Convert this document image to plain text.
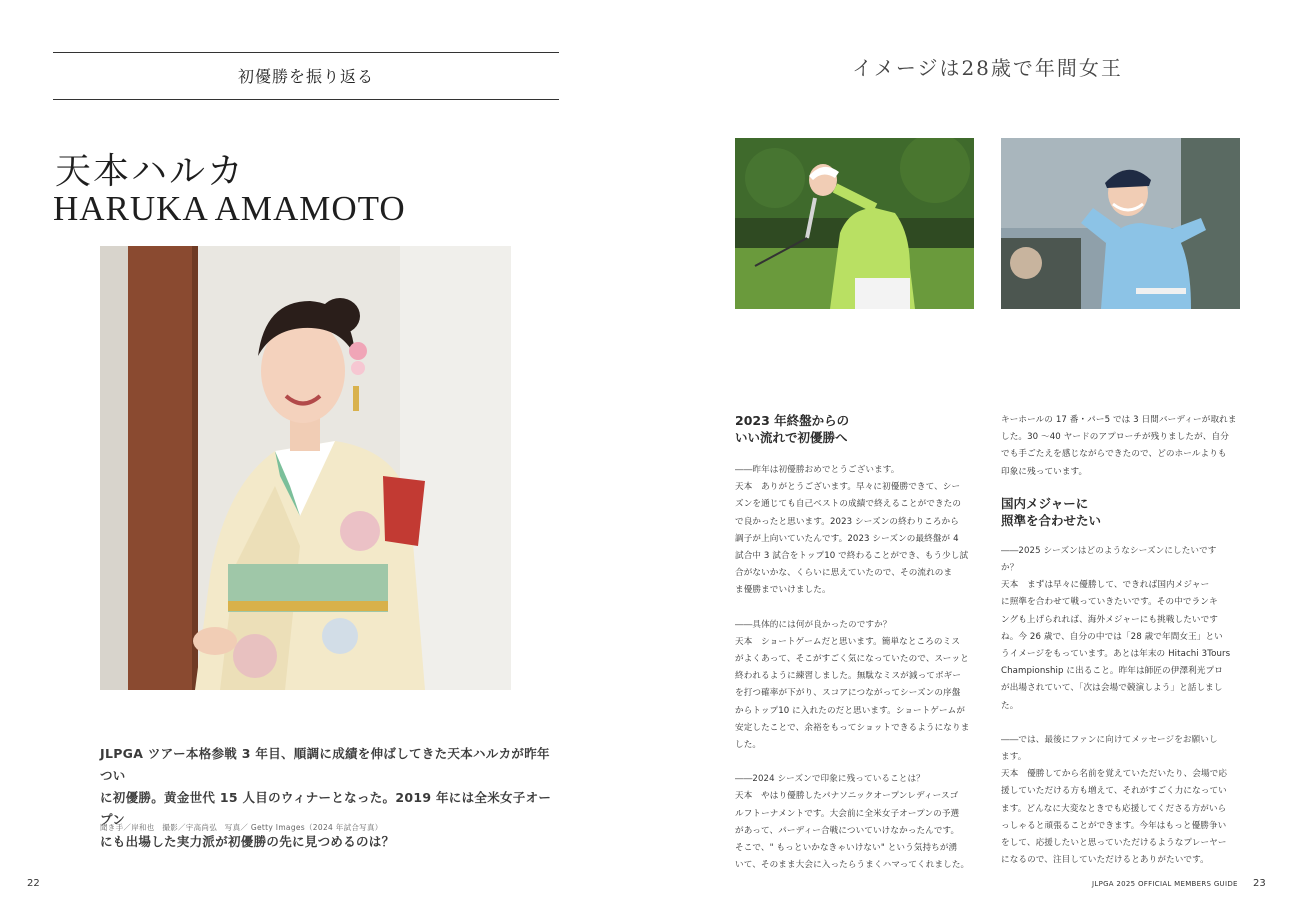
初優勝を振り返る
天本ハルカ
HARUKA AMAMOTO
JLPGA ツアー本格参戦 3 年目、順調に成績を伸ばしてきた天本ハルカが昨年つい
に初優勝。黄金世代 15 人目のウィナーとなった。2019 年には全米女子オープン
にも出場した実力派が初優勝の先に見つめるのは？
聞き手／岸和也　撮影／宇高尚弘　写真／ Getty Images（2024 年試合写真）
22
イメージは28歳で年間女王
2023 年終盤からの
いい流れで初優勝へ
――昨年は初優勝おめでとうございます。
天本　ありがとうございます。早々に初優勝できて、シー
ズンを通じても自己ベストの成績で終えることができたの
で良かったと思います。2023 シーズンの終わりころから
調子が上向いていたんです。2023 シーズンの最終盤が 4
試合中 3 試合をトップ10 で終わることができ、もう少し試
合がないかな、くらいに思えていたので、その流れのま
ま優勝までいけました。
――具体的には何が良かったのですか？
天本　ショートゲームだと思います。簡単なところのミス
がよくあって、そこがすごく気になっていたので、スーッと
終われるように練習しました。無駄なミスが減ってボギー
を打つ確率が下がり、スコアにつながってシーズンの序盤
からトップ10 に入れたのだと思います。ショートゲームが
安定したことで、余裕をもってショットできるようになりま
した。
――2024 シーズンで印象に残っていることは？
天本　やはり優勝したパナソニックオープンレディースゴ
ルフトーナメントです。大会前に全米女子オープンの予選
があって、パーディー合戦についていけなかったんです。
そこで、" もっといかなきゃいけない" という気持ちが湧
いて、そのまま大会に入ったらうまくハマってくれました。
キーホールの 17 番・パー5 では 3 日間バーディーが取れま
した。30 ～40 ヤードのアプローチが残りましたが、自分
でも手ごたえを感じながらできたので、どのホールよりも
印象に残っています。
国内メジャーに
照準を合わせたい
――2025 シーズンはどのようなシーズンにしたいです
か？
天本　まずは早々に優勝して、できれば国内メジャー
に照準を合わせて戦っていきたいです。その中でランキ
ングも上げられれば、海外メジャーにも挑戦したいです
ね。今 26 歳で、自分の中では「28 歳で年間女王」とい
うイメージをもっています。あとは年末の Hitachi 3Tours
Championship に出ること。昨年は師匠の伊澤利光プロ
が出場されていて、「次は会場で競演しよう」と話しまし
た。
――では、最後にファンに向けてメッセージをお願いし
ます。
天本　優勝してから名前を覚えていただいたり、会場で応
援していただける方も増えて、それがすごく力になってい
ます。どんなに大変なときでも応援してくださる方がいら
っしゃると頑張ることができます。今年はもっと優勝争い
をして、応援したいと思っていただけるようなプレーヤー
になるので、注目していただけるとありがたいです。
JLPGA 2025 OFFICIAL MEMBERS GUIDE 23
